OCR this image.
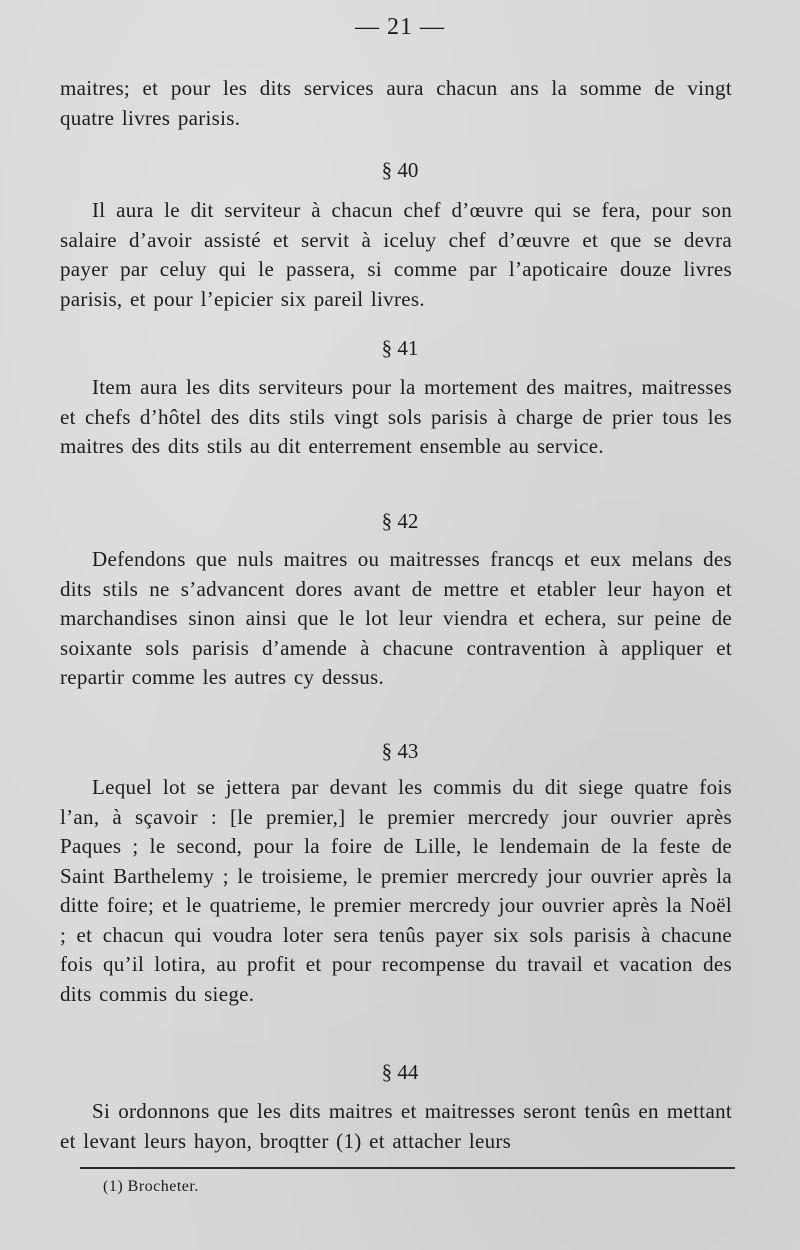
— 21 —
maitres; et pour les dits services aura chacun ans la somme de vingt quatre livres parisis.
§ 40
Il aura le dit serviteur à chacun chef d’œuvre qui se fera, pour son salaire d’avoir assisté et servit à iceluy chef d’œuvre et que se devra payer par celuy qui le passera, si comme par l’apoticaire douze livres parisis, et pour l’epicier six pareil livres.
§ 41
Item aura les dits serviteurs pour la mortement des maitres, maitresses et chefs d’hôtel des dits stils vingt sols parisis à charge de prier tous les maitres des dits stils au dit enterrement ensemble au service.
§ 42
Defendons que nuls maitres ou maitresses francqs et eux melans des dits stils ne s’advancent dores avant de mettre et etabler leur hayon et marchandises sinon ainsi que le lot leur viendra et echera, sur peine de soixante sols parisis d’amende à chacune contravention à appliquer et repartir comme les autres cy dessus.
§ 43
Lequel lot se jettera par devant les commis du dit siege quatre fois l’an, à sçavoir : [le premier,] le premier mercredy jour ouvrier après Paques ; le second, pour la foire de Lille, le lendemain de la feste de Saint Barthelemy ; le troisieme, le premier mercredy jour ouvrier après la ditte foire; et le quatrieme, le premier mercredy jour ouvrier après la Noël ; et chacun qui voudra loter sera tenûs payer six sols parisis à chacune fois qu’il lotira, au profit et pour recompense du travail et vacation des dits commis du siege.
§ 44
Si ordonnons que les dits maitres et maitresses seront tenûs en mettant et levant leurs hayon, broqtter (1) et attacher leurs
(1) Brocheter.
